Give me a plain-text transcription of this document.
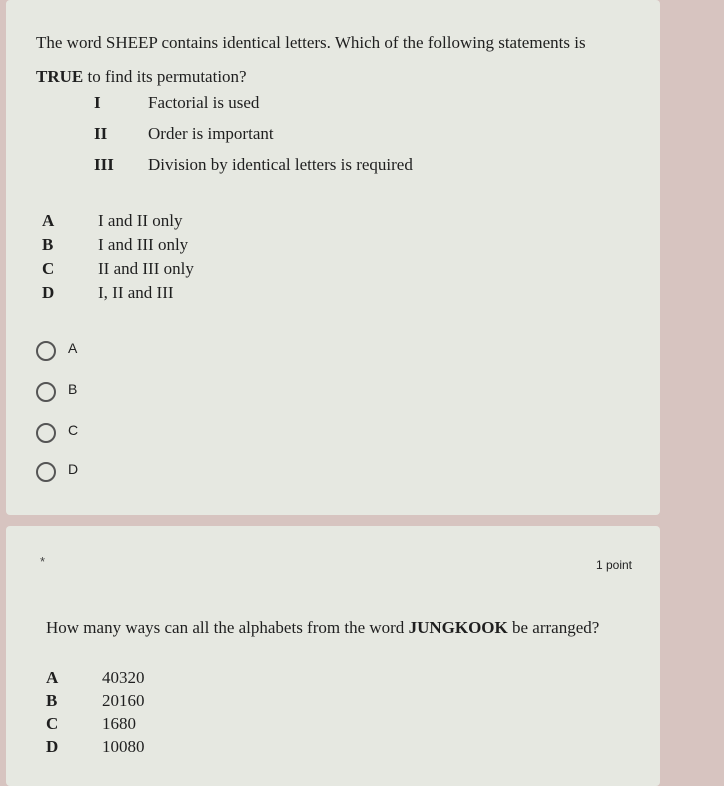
The word SHEEP contains identical letters. Which of the following statements is TRUE to find its permutation?
I	Factorial is used
II Order is important
III Division by identical letters is required
A	I and II only
B	I and III only
C	II and III only
D	I, II and III
A
B
C
D
*	1 point
How many ways can all the alphabets from the word JUNGKOOK be arranged?
A	40320
B	20160
C	1680
D	10080
